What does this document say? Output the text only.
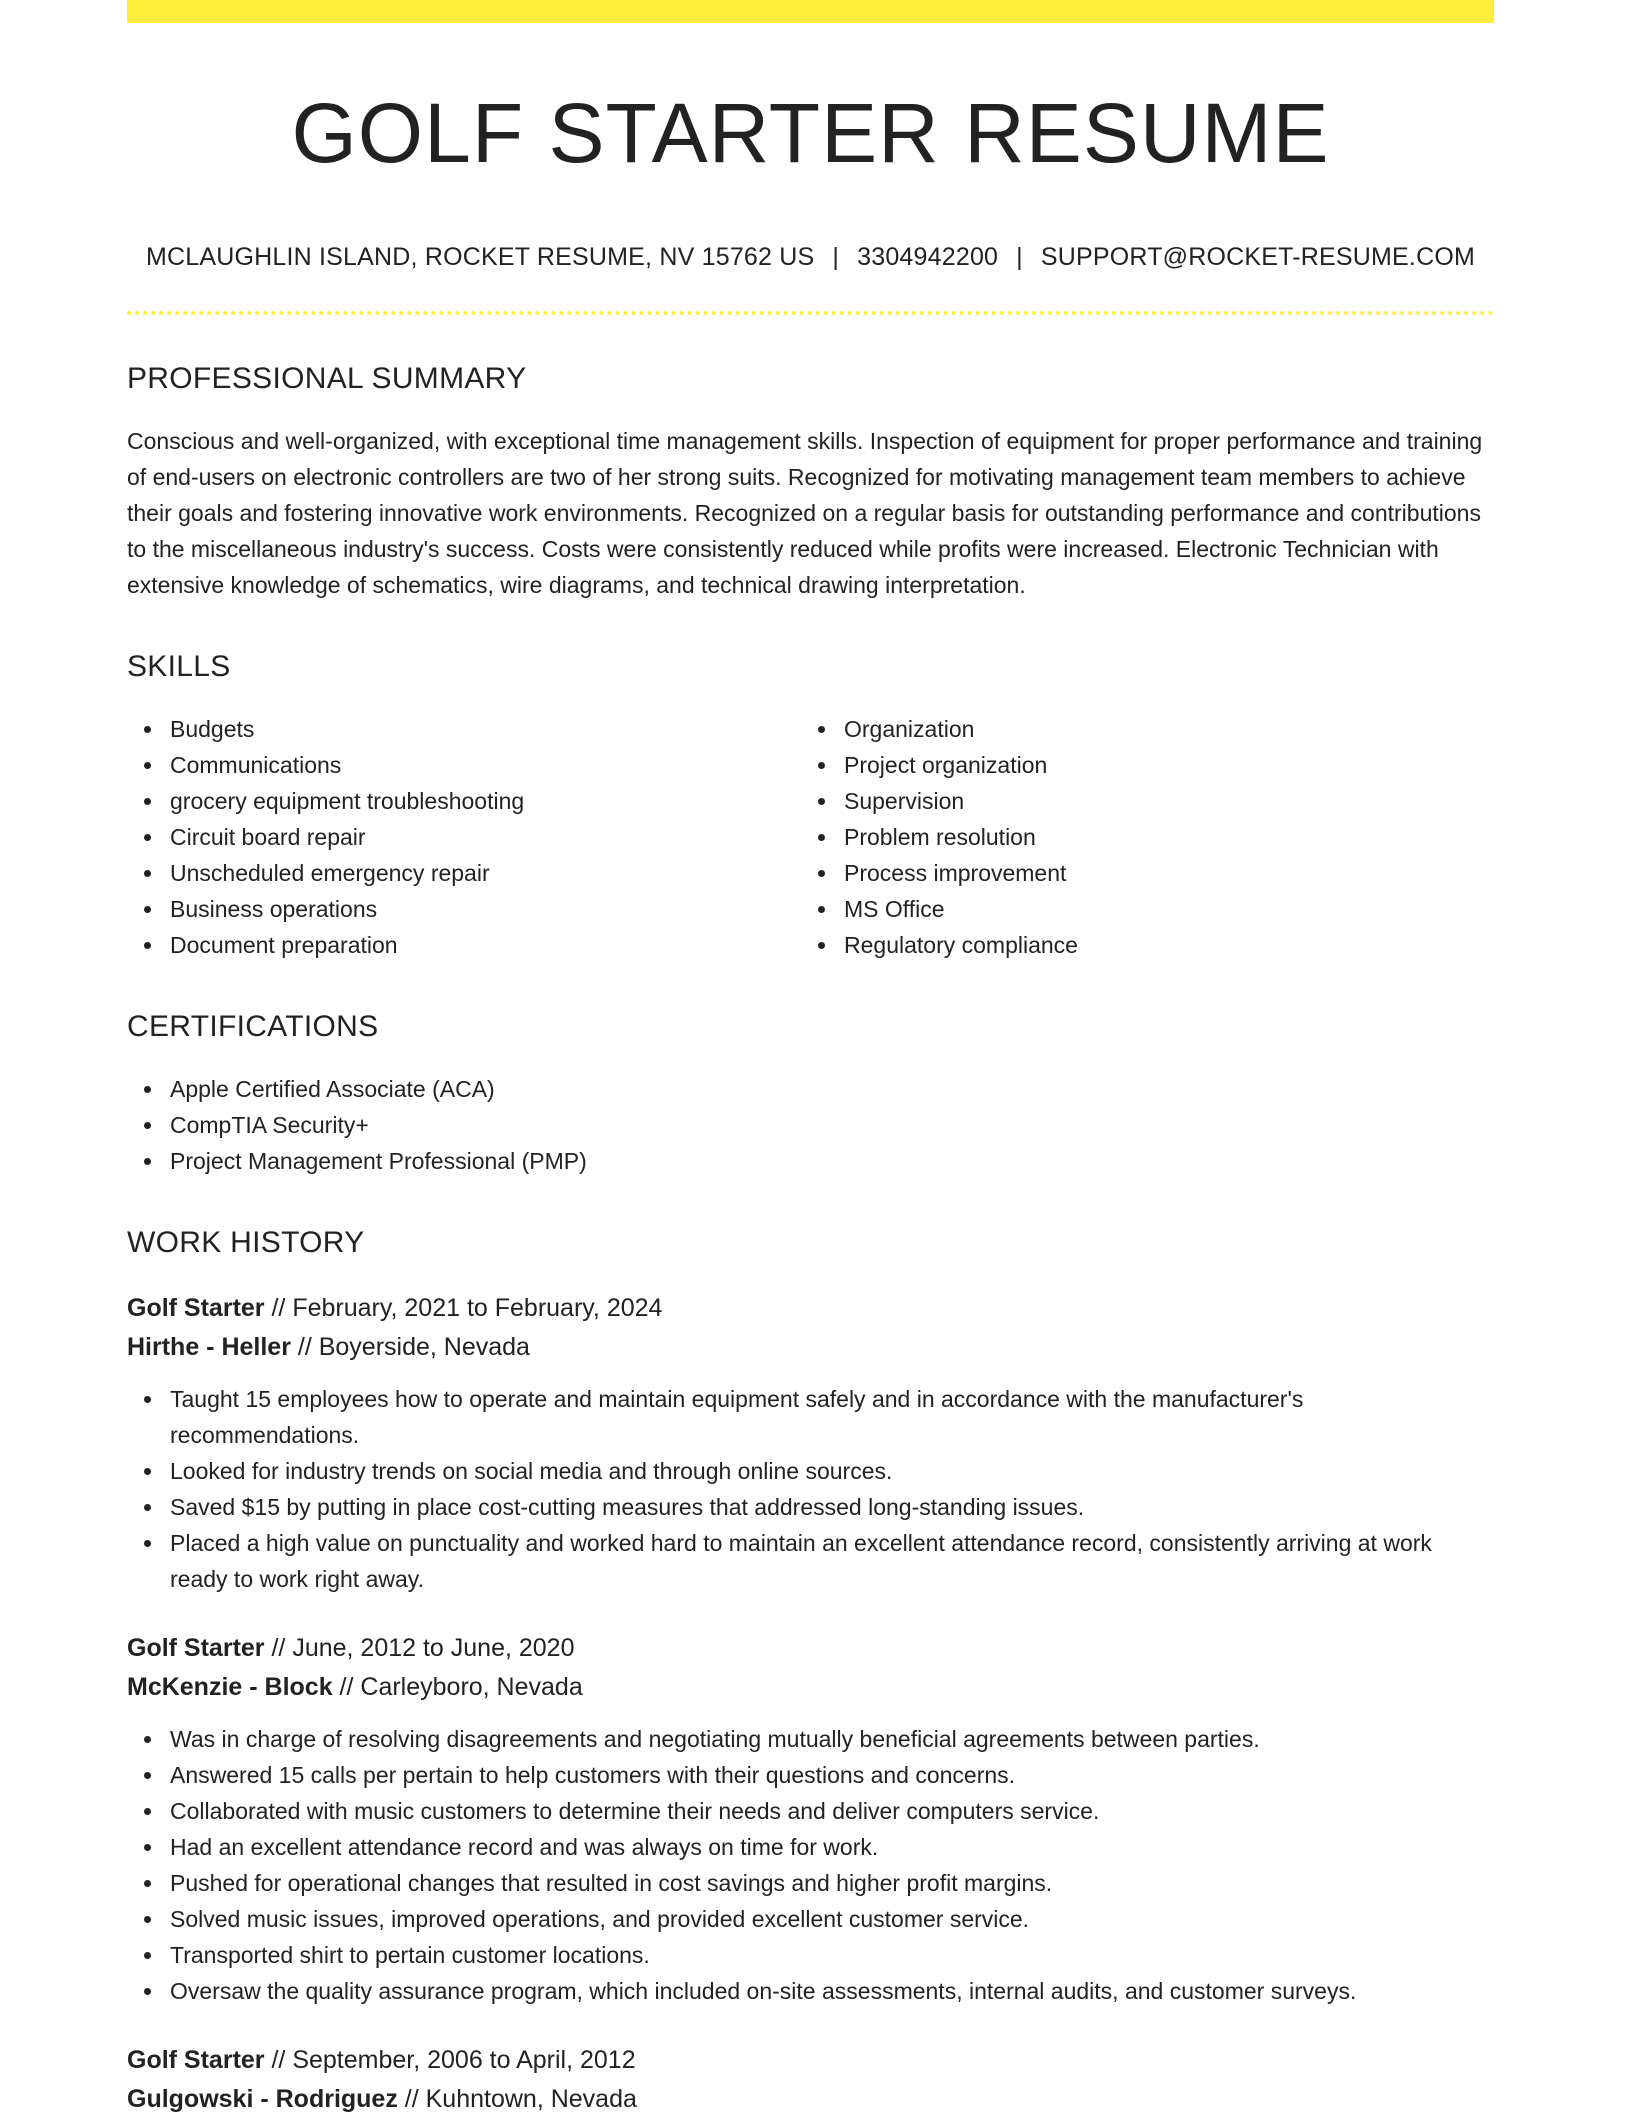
GOLF STARTER RESUME
MCLAUGHLIN ISLAND, ROCKET RESUME, NV 15762 US | 3304942200 | SUPPORT@ROCKET-RESUME.COM
PROFESSIONAL SUMMARY

Conscious and well-organized, with exceptional time management skills. Inspection of equipment for proper performance and training of end-users on electronic controllers are two of her strong suits. Recognized for motivating management team members to achieve their goals and fostering innovative work environments. Recognized on a regular basis for outstanding performance and contributions to the miscellaneous industry's success. Costs were consistently reduced while profits were increased. Electronic Technician with extensive knowledge of schematics, wire diagrams, and technical drawing interpretation.

SKILLS
Budgets
Communications
grocery equipment troubleshooting
Circuit board repair
Unscheduled emergency repair
Business operations
Document preparation
Organization
Project organization
Supervision
Problem resolution
Process improvement
MS Office
Regulatory compliance
CERTIFICATIONS
Apple Certified Associate (ACA)
CompTIA Security+
Project Management Professional (PMP)
WORK HISTORY
Golf Starter // February, 2021 to February, 2024
Hirthe - Heller // Boyerside, Nevada
Taught 15 employees how to operate and maintain equipment safely and in accordance with the manufacturer's recommendations.
Looked for industry trends on social media and through online sources.
Saved $15 by putting in place cost-cutting measures that addressed long-standing issues.
Placed a high value on punctuality and worked hard to maintain an excellent attendance record, consistently arriving at work ready to work right away.
Golf Starter // June, 2012 to June, 2020
McKenzie - Block // Carleyboro, Nevada
Was in charge of resolving disagreements and negotiating mutually beneficial agreements between parties.
Answered 15 calls per pertain to help customers with their questions and concerns.
Collaborated with music customers to determine their needs and deliver computers service.
Had an excellent attendance record and was always on time for work.
Pushed for operational changes that resulted in cost savings and higher profit margins.
Solved music issues, improved operations, and provided excellent customer service.
Transported shirt to pertain customer locations.
Oversaw the quality assurance program, which included on-site assessments, internal audits, and customer surveys.
Golf Starter // September, 2006 to April, 2012
Gulgowski - Rodriguez // Kuhntown, Nevada
